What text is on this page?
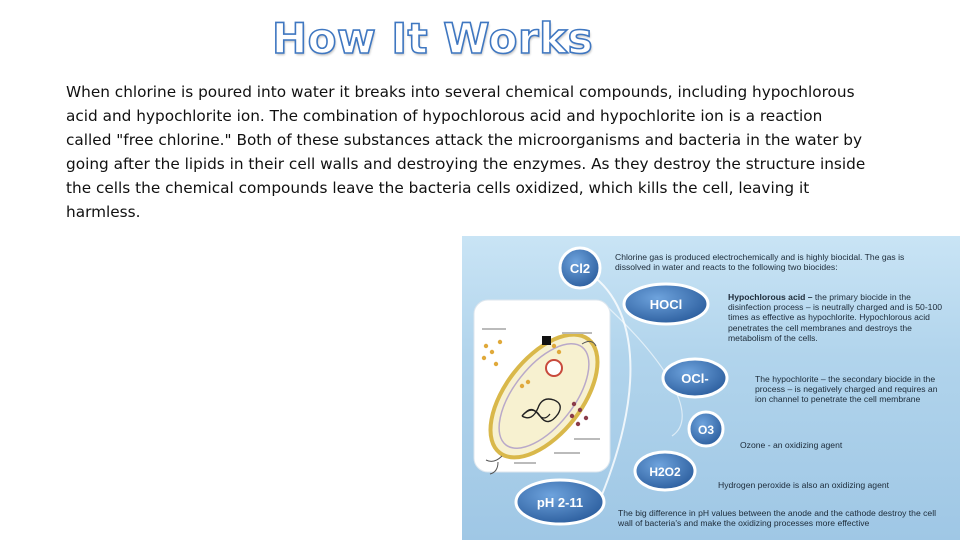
How It Works

When chlorine is poured into water it breaks into several chemical compounds, including hypochlorous acid and hypochlorite ion. The combination of hypochlorous acid and hypochlorite ion is a reaction called "free chlorine." Both of these substances attack the microorganisms and bacteria in the water by going after the lipids in their cell walls and destroying the enzymes. As they destroy the structure inside the cells the chemical compounds leave the bacteria cells oxidized, which kills the cell, leaving it harmless.

Cl2
HOCl
OCl-
O3
H2O2
pH 2-11
Chlorine gas is produced electrochemically and is highly biocidal. The gas is dissolved in water and reacts to the following two biocides:
Hypochlorous acid – the primary biocide in the disinfection process – is neutrally charged and is 50-100 times as effective as hypochlorite. Hypochlorous acid penetrates the cell membranes and destroys the metabolism of the cells.
The hypochlorite – the secondary biocide in the process – is negatively charged and requires an ion channel to penetrate the cell membrane
Ozone - an oxidizing agent
Hydrogen peroxide is also an oxidizing agent
The big difference in pH values between the anode and the cathode destroy the cell wall of bacteria's and make the oxidizing processes more effective
